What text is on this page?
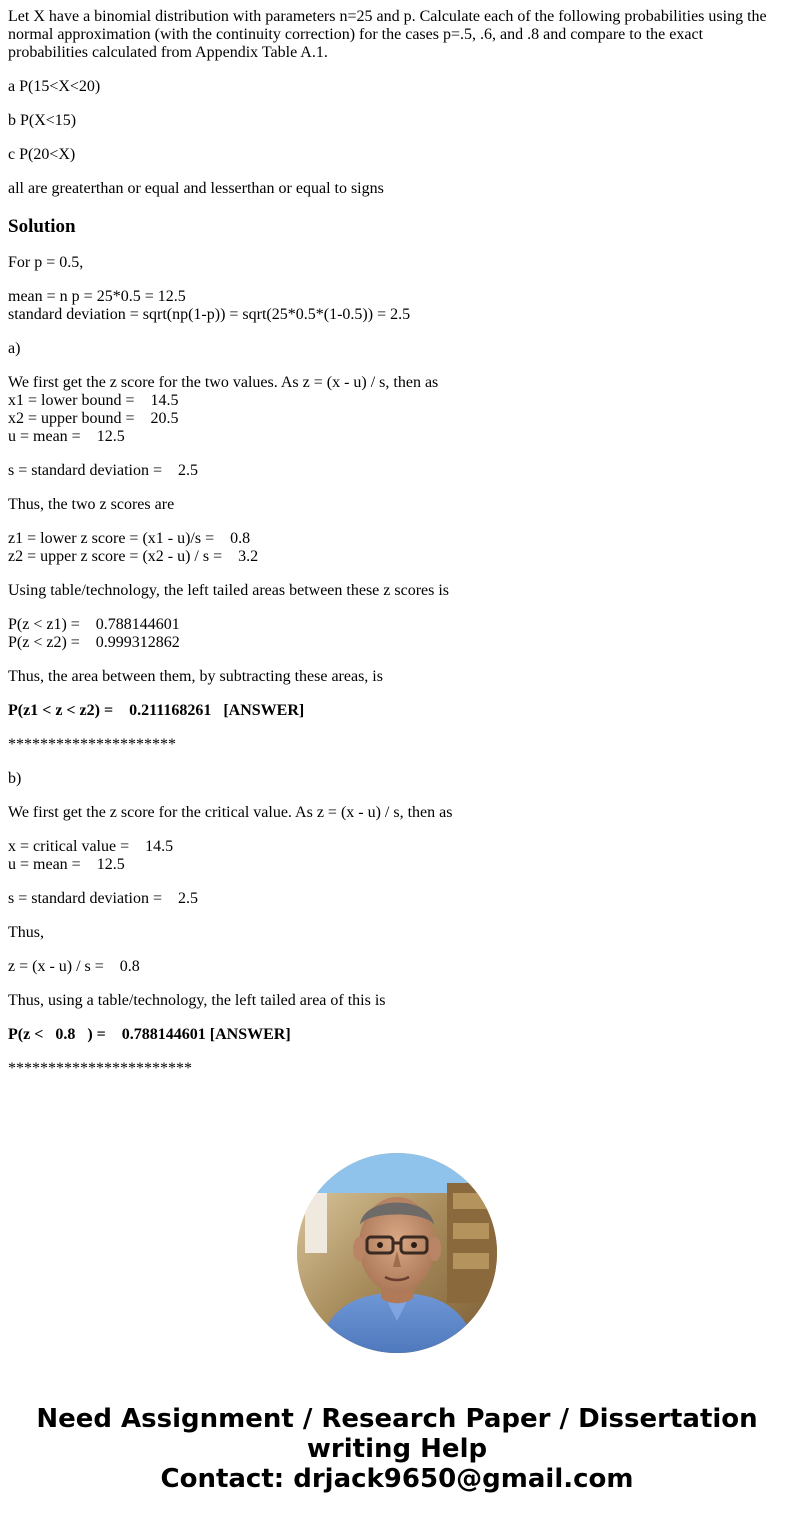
Let X have a binomial distribution with parameters n=25 and p. Calculate each of the following probabilities using the normal approximation (with the continuity correction) for the cases p=.5, .6, and .8 and compare to the exact probabilities calculated from Appendix Table A.1.
a P(15<X<20)
b P(X<15)
c P(20<X)
all are greaterthan or equal and lesserthan or equal to signs
Solution
For p = 0.5,
mean = n p = 25*0.5 = 12.5
standard deviation = sqrt(np(1-p)) = sqrt(25*0.5*(1-0.5)) = 2.5
a)
We first get the z score for the two values. As z = (x - u) / s, then as
x1 = lower bound =    14.5
x2 = upper bound =    20.5
u = mean =    12.5
s = standard deviation =    2.5
Thus, the two z scores are
z1 = lower z score = (x1 - u)/s =    0.8
z2 = upper z score = (x2 - u) / s =    3.2
Using table/technology, the left tailed areas between these z scores is
P(z < z1) =    0.788144601
P(z < z2) =    0.999312862
Thus, the area between them, by subtracting these areas, is
P(z1 < z < z2) =    0.211168261   [ANSWER]
*********************
b)
We first get the z score for the critical value. As z = (x - u) / s, then as
x = critical value =    14.5
u = mean =    12.5
s = standard deviation =    2.5
Thus,
z = (x - u) / s =    0.8
Thus, using a table/technology, the left tailed area of this is
P(z <   0.8   ) =    0.788144601 [ANSWER]
***********************
Need Assignment / Research Paper / Dissertation
writing Help
Contact: drjack9650@gmail.com
